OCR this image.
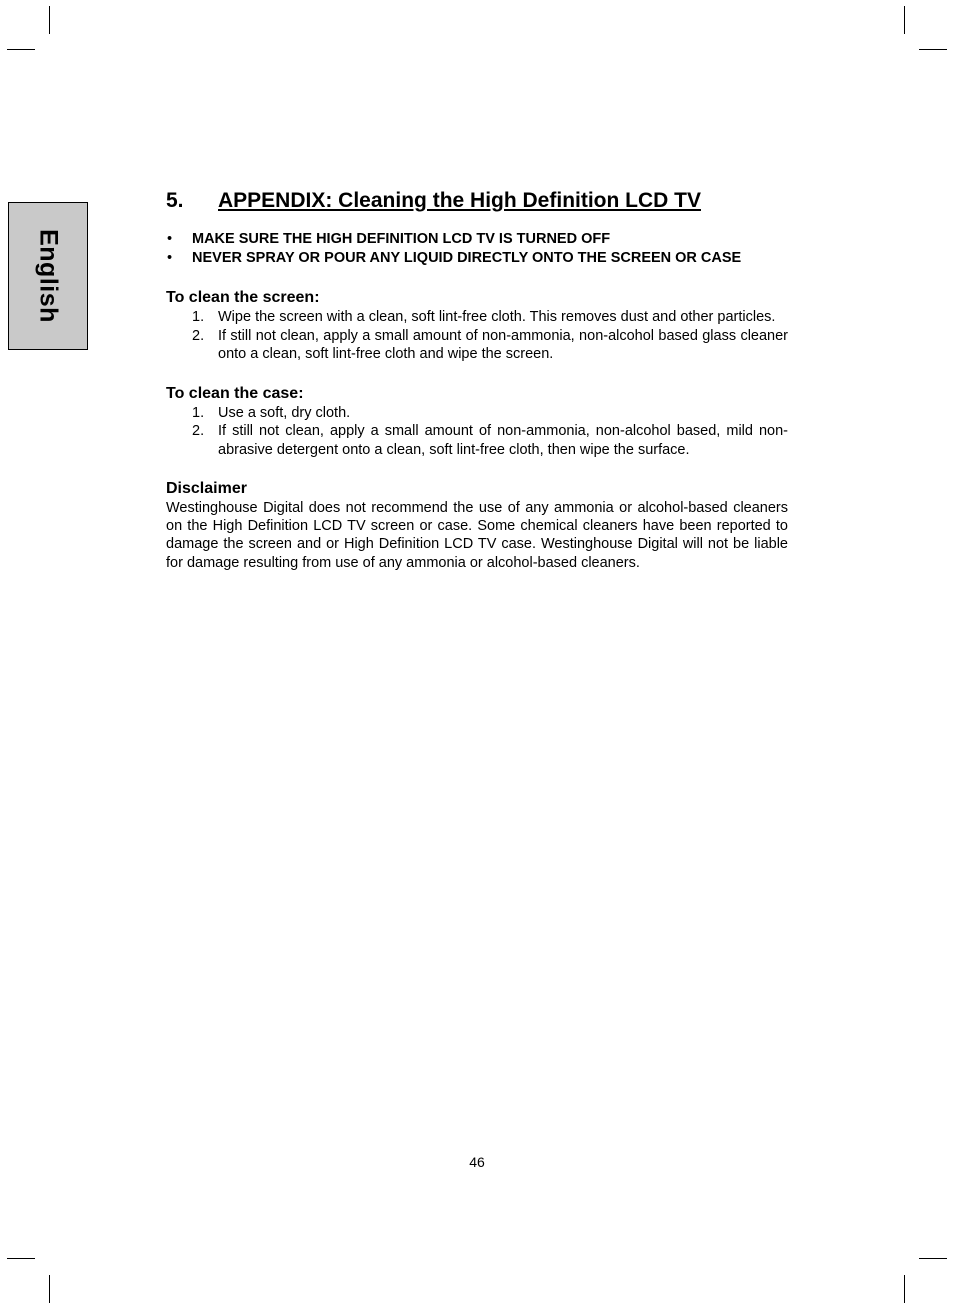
English
5. APPENDIX: Cleaning the High Definition LCD TV
• MAKE SURE THE HIGH DEFINITION LCD TV IS TURNED OFF
• NEVER SPRAY OR POUR ANY LIQUID DIRECTLY ONTO THE SCREEN OR CASE
To clean the screen:
1. Wipe the screen with a clean, soft lint-free cloth. This removes dust and other particles.
2. If still not clean, apply a small amount of non-ammonia, non-alcohol based glass cleaner onto a clean, soft lint-free cloth and wipe the screen.
To clean the case:
1. Use a soft, dry cloth.
2. If still not clean, apply a small amount of non-ammonia, non-alcohol based, mild non- abrasive detergent onto a clean, soft lint-free cloth, then wipe the surface.
Disclaimer

Westinghouse Digital does not recommend the use of any ammonia or alcohol-based cleaners on the High Definition LCD TV screen or case. Some chemical cleaners have been reported to damage the screen and or High Definition LCD TV case. Westinghouse Digital will not be liable for damage resulting from use of any ammonia or alcohol-based cleaners.

46
